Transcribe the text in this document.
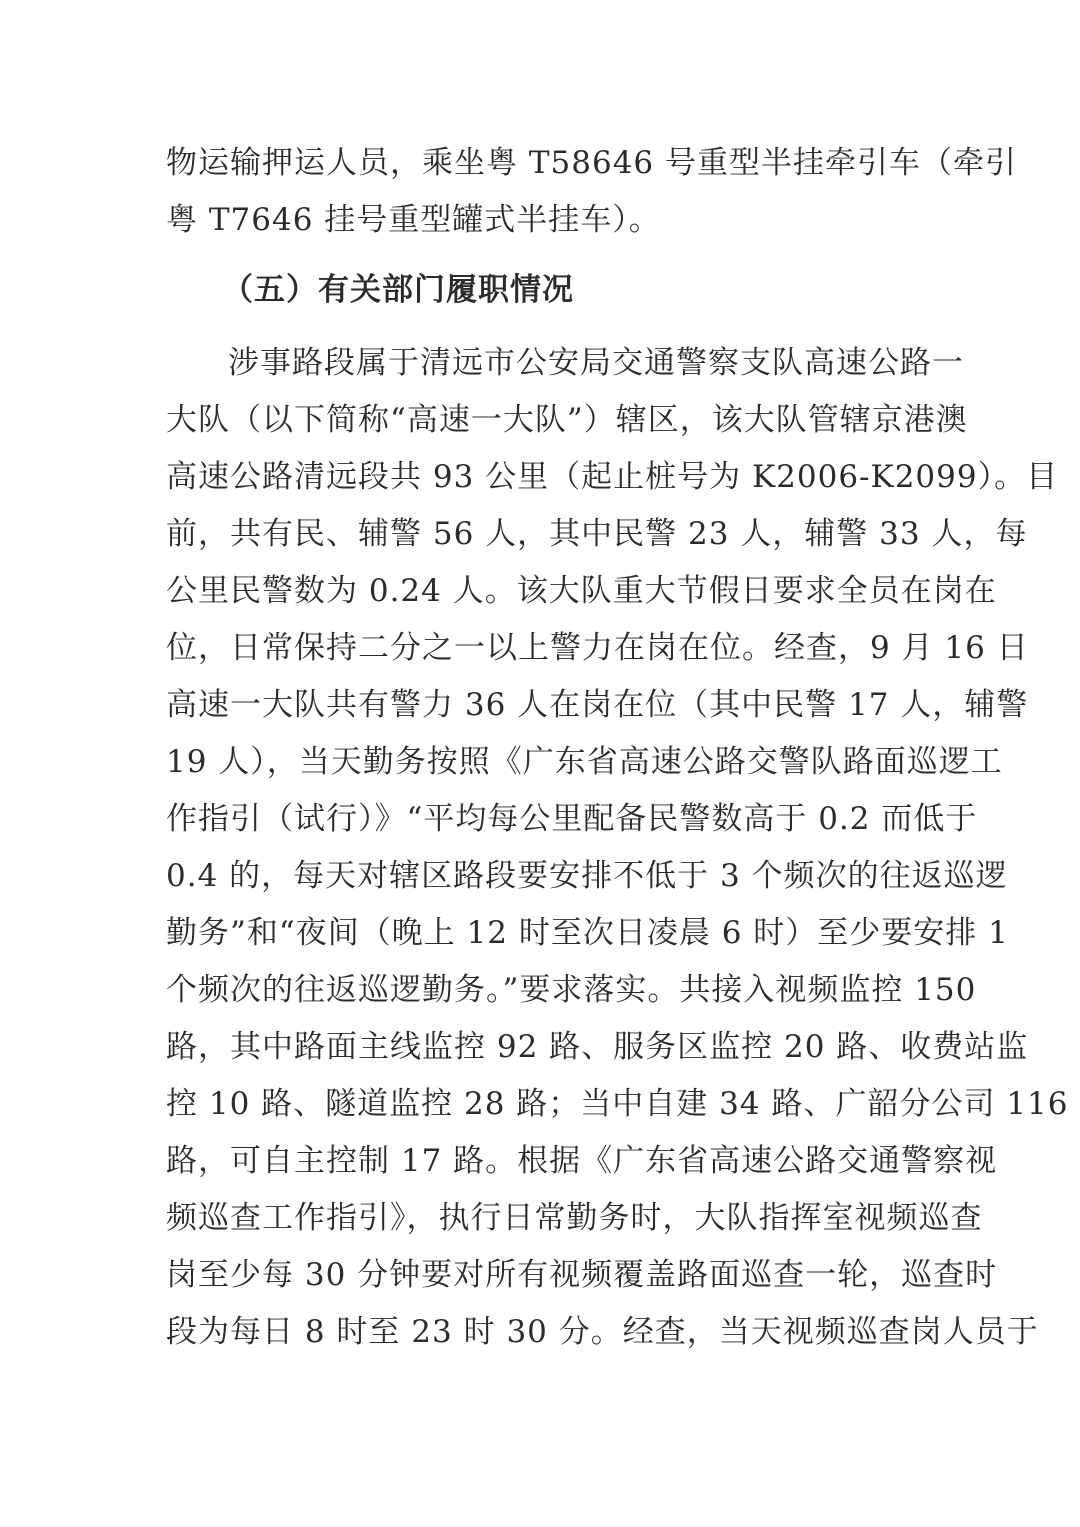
物运输押运人员，乘坐粤 T58646 号重型半挂牵引车（牵引
粤 T7646 挂号重型罐式半挂车）。
（五）有关部门履职情况
涉事路段属于清远市公安局交通警察支队高速公路一
大队（以下简称“高速一大队”）辖区，该大队管辖京港澳
高速公路清远段共 93 公里（起止桩号为 K2006-K2099）。目
前，共有民、辅警 56 人，其中民警 23 人，辅警 33 人，每
公里民警数为 0.24 人。该大队重大节假日要求全员在岗在
位，日常保持二分之一以上警力在岗在位。经查，9 月 16 日
高速一大队共有警力 36 人在岗在位（其中民警 17 人，辅警
19 人），当天勤务按照《广东省高速公路交警队路面巡逻工
作指引（试行）》“平均每公里配备民警数高于 0.2 而低于
0.4 的，每天对辖区路段要安排不低于 3 个频次的往返巡逻
勤务”和“夜间（晚上 12 时至次日凌晨 6 时）至少要安排 1
个频次的往返巡逻勤务。”要求落实。共接入视频监控 150
路，其中路面主线监控 92 路、服务区监控 20 路、收费站监
控 10 路、隧道监控 28 路；当中自建 34 路、广韶分公司 116
路，可自主控制 17 路。根据《广东省高速公路交通警察视
频巡查工作指引》，执行日常勤务时，大队指挥室视频巡查
岗至少每 30 分钟要对所有视频覆盖路面巡查一轮，巡查时
段为每日 8 时至 23 时 30 分。经查，当天视频巡查岗人员于
